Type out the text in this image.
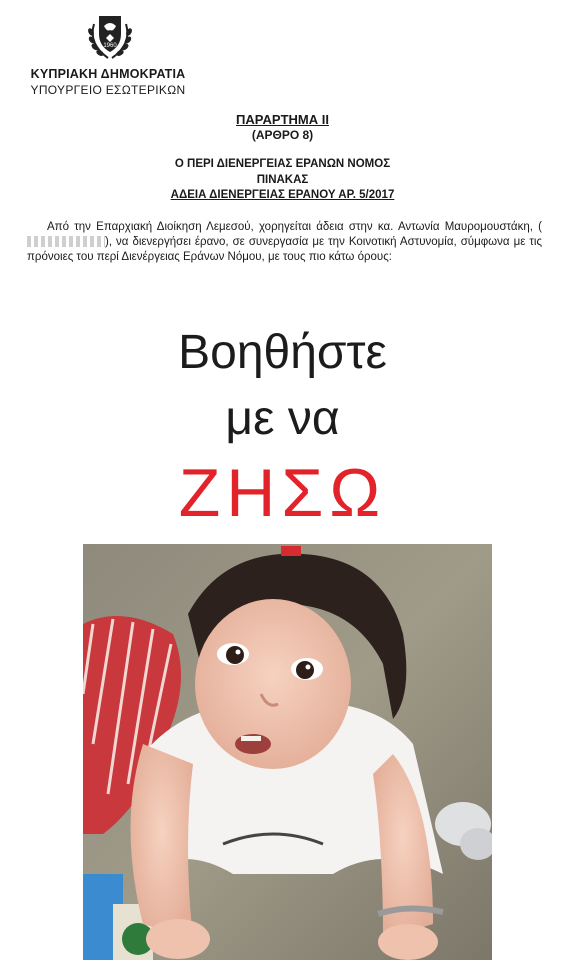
1960
ΚΥΠΡΙΑΚΗ ΔΗΜΟΚΡΑΤΙΑ
ΥΠΟΥΡΓΕΙΟ ΕΣΩΤΕΡΙΚΩΝ
ΠΑΡΑΡΤΗΜΑ ΙΙ
(ΑΡΘΡΟ 8)
Ο ΠΕΡΙ ΔΙΕΝΕΡΓΕΙΑΣ ΕΡΑΝΩΝ ΝΟΜΟΣ
ΠΙΝΑΚΑΣ
ΑΔΕΙΑ ΔΙΕΝΕΡΓΕΙΑΣ ΕΡΑΝΟΥ ΑΡ. 5/2017
Από την Επαρχιακή Διοίκηση Λεμεσού, χορηγείται άδεια στην κα. Αντωνία Μαυρομουστάκη, (), να διενεργήσει έρανο, σε συνεργασία με την Κοινοτική Αστυνομία, σύμφωνα με τις πρόνοιες του περί Διενέργειας Εράνων Νόμου, με τους πιο κάτω όρους:
Βοηθήστε
με να
ΖΗΣΩ
